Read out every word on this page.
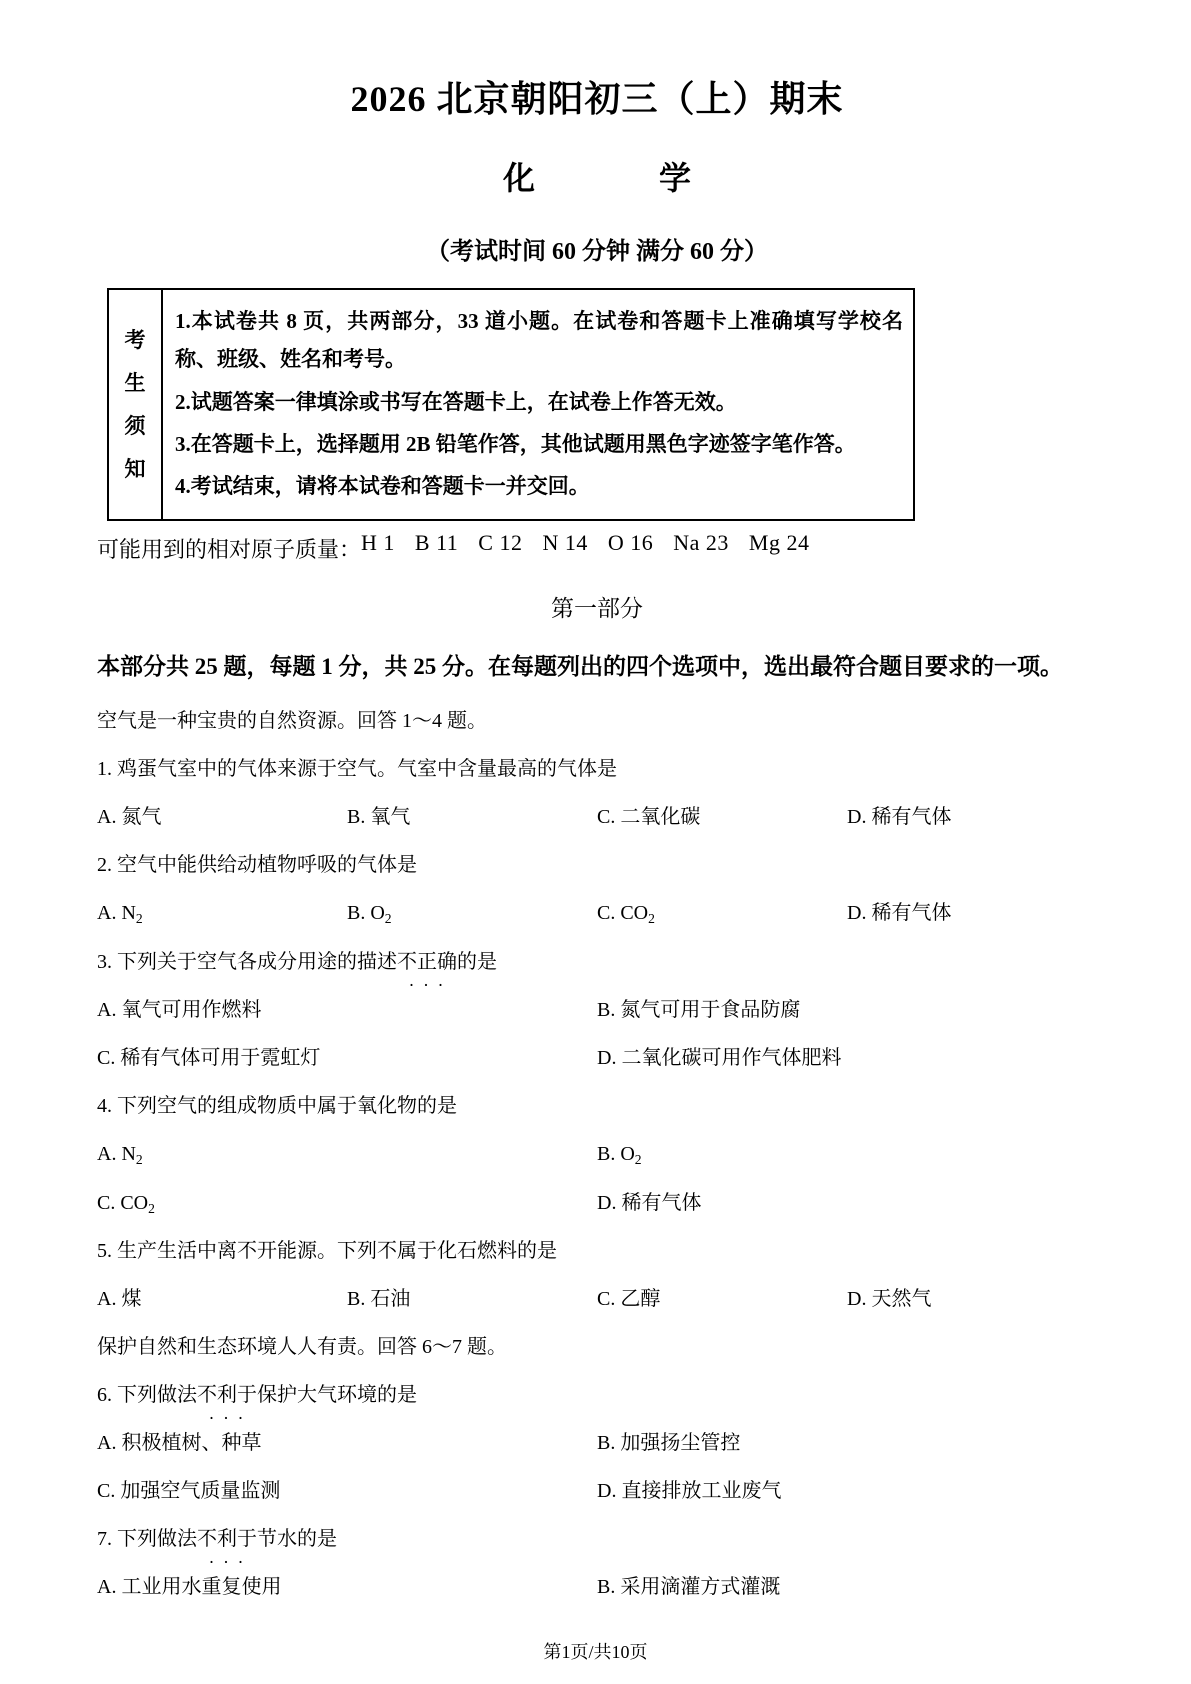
2026 北京朝阳初三（上）期末
化　　学
（考试时间 60 分钟 满分 60 分）
考
生
须
知

1.本试卷共 8 页，共两部分，33 道小题。在试卷和答题卡上准确填写学校名称、班级、姓名和考号。

2.试题答案一律填涂或书写在答题卡上，在试卷上作答无效。

3.在答题卡上，选择题用 2B 铅笔作答，其他试题用黑色字迹签字笔作答。

4.考试结束，请将本试卷和答题卡一并交回。

可能用到的相对原子质量： H 1 B 11 C 12 N 14 O 16 Na 23 Mg 24
第一部分
本部分共 25 题，每题 1 分，共 25 分。在每题列出的四个选项中，选出最符合题目要求的一项。
空气是一种宝贵的自然资源。回答 1～4 题。
1. 鸡蛋气室中的气体来源于空气。气室中含量最高的气体是
A. 氮气	B. 氧气	C. 二氧化碳	D. 稀有气体
2. 空气中能供给动植物呼吸的气体是
A. $N_2$	B. $O_2$	C. $CO_2$	D. 稀有气体
3. 下列关于空气各成分用途的描述不正确 · · ·的是
A. 氧气可用作燃料	B. 氮气可用于食品防腐
C. 稀有气体可用于霓虹灯	D. 二氧化碳可用作气体肥料
4. 下列空气的组成物质中属于氧化物的是
A. $N_2$	B. $O_2$
C. $CO_2$	D. 稀有气体
5. 生产生活中离不开能源。下列不属于化石燃料的是
A. 煤	B. 石油	C. 乙醇	D. 天然气
保护自然和生态环境人人有责。回答 6～7 题。
6. 下列做法不利于 · · ·保护大气环境的是
A. 积极植树、种草	B. 加强扬尘管控
C. 加强空气质量监测	D. 直接排放工业废气
7. 下列做法不利于 · · ·节水的是
A. 工业用水重复使用	B. 采用滴灌方式灌溉
第1页/共10页
